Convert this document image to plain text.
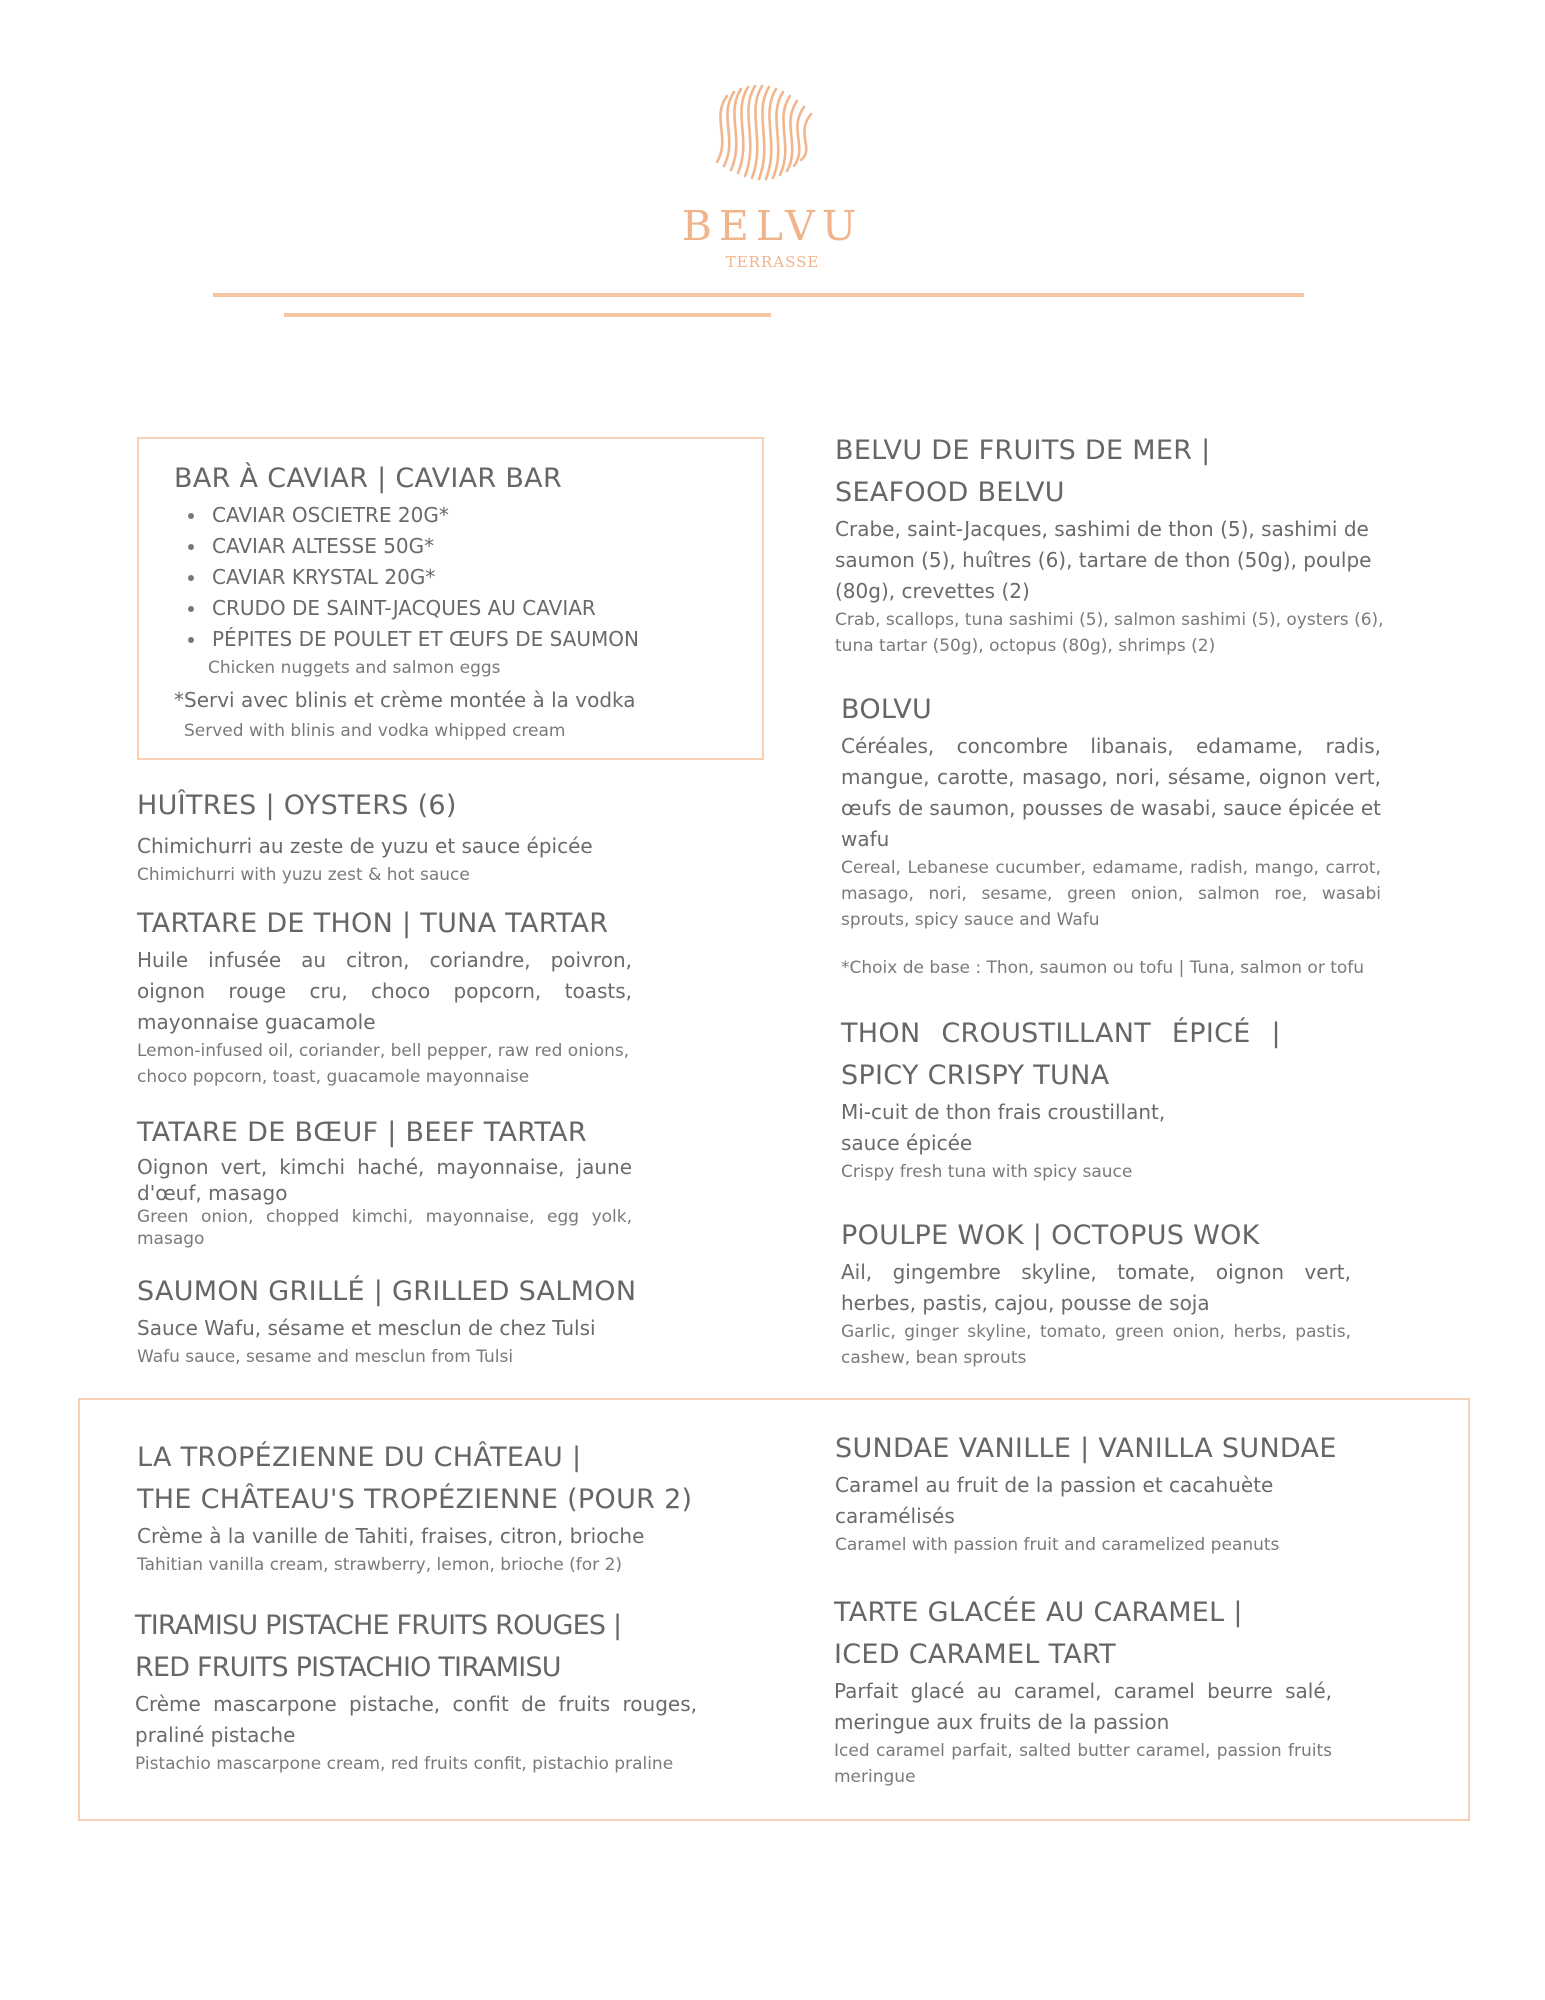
BELVU
TERRASSE
BAR À CAVIAR | CAVIAR BAR
CAVIAR OSCIETRE 20G*
CAVIAR ALTESSE 50G*
CAVIAR KRYSTAL 20G*
CRUDO DE SAINT-JACQUES AU CAVIAR
PÉPITES DE POULET ET ŒUFS DE SAUMON
Chicken nuggets and salmon eggs
*Servi avec blinis et crème montée à la vodka
Served with blinis and vodka whipped cream
HUÎTRES | OYSTERS (6)
Chimichurri au zeste de yuzu et sauce épicée
Chimichurri with yuzu zest & hot sauce
TARTARE DE THON | TUNA TARTAR
Huile infusée au citron, coriandre, poivron, oignon rouge cru, choco popcorn, toasts, mayonnaise guacamole
Lemon-infused oil, coriander, bell pepper, raw red onions, choco popcorn, toast, guacamole mayonnaise
TATARE DE BŒUF | BEEF TARTAR
Oignon vert, kimchi haché, mayonnaise, jaune d'œuf, masago
Green onion, chopped kimchi, mayonnaise, egg yolk, masago
SAUMON GRILLÉ | GRILLED SALMON
Sauce Wafu, sésame et mesclun de chez Tulsi
Wafu sauce, sesame and mesclun from Tulsi
BELVU DE FRUITS DE MER |
SEAFOOD BELVU
Crabe, saint-Jacques, sashimi de thon (5), sashimi de saumon (5), huîtres (6), tartare de thon (50g), poulpe (80g), crevettes (2)
Crab, scallops, tuna sashimi (5), salmon sashimi (5), oysters (6), tuna tartar (50g), octopus (80g), shrimps (2)
BOLVU
Céréales, concombre libanais, edamame, radis, mangue, carotte, masago, nori, sésame, oignon vert, œufs de saumon, pousses de wasabi, sauce épicée et wafu
Cereal, Lebanese cucumber, edamame, radish, mango, carrot, masago, nori, sesame, green onion, salmon roe, wasabi sprouts, spicy sauce and Wafu
*Choix de base : Thon, saumon ou tofu | Tuna, salmon or tofu
THON CROUSTILLANT ÉPICÉ |
SPICY CRISPY TUNA
Mi-cuit de thon frais croustillant,
sauce épicée
Crispy fresh tuna with spicy sauce
POULPE WOK | OCTOPUS WOK
Ail, gingembre skyline, tomate, oignon vert, herbes, pastis, cajou, pousse de soja
Garlic, ginger skyline, tomato, green onion, herbs, pastis, cashew, bean sprouts
LA TROPÉZIENNE DU CHÂTEAU |
THE CHÂTEAU'S TROPÉZIENNE (POUR 2)
Crème à la vanille de Tahiti, fraises, citron, brioche
Tahitian vanilla cream, strawberry, lemon, brioche (for 2)
TIRAMISU PISTACHE FRUITS ROUGES |
RED FRUITS PISTACHIO TIRAMISU
Crème mascarpone pistache, confit de fruits rouges, praliné pistache
Pistachio mascarpone cream, red fruits confit, pistachio praline
SUNDAE VANILLE | VANILLA SUNDAE
Caramel au fruit de la passion et cacahuète caramélisés
Caramel with passion fruit and caramelized peanuts
TARTE GLACÉE AU CARAMEL |
ICED CARAMEL TART
Parfait glacé au caramel, caramel beurre salé, meringue aux fruits de la passion
Iced caramel parfait, salted butter caramel, passion fruits meringue
